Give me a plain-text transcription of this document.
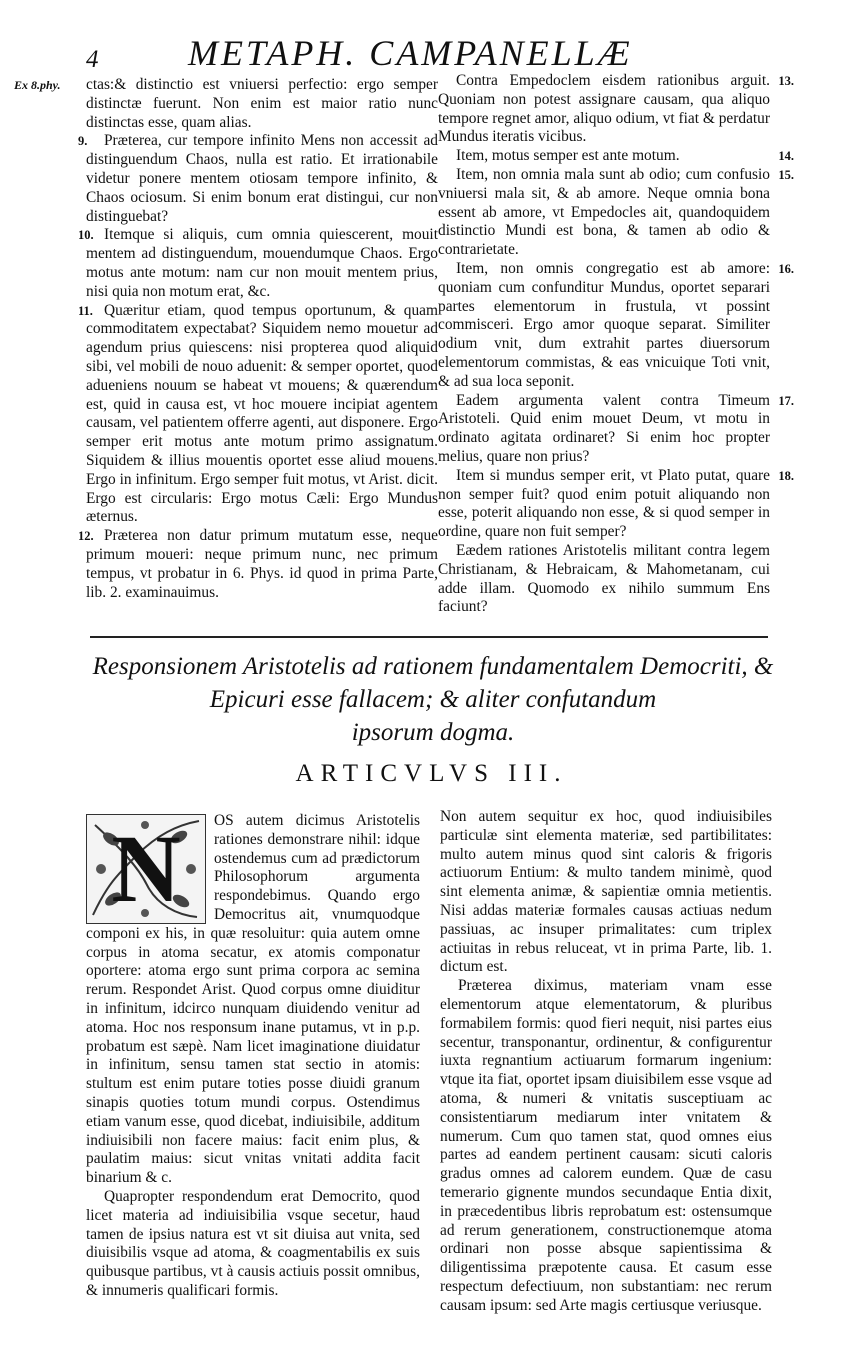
4 METAPH. CAMPANELLÆ

Ex 8.phy. ctas:& distinctio est vniuersi perfectio: ergo semper distinctæ fuerunt. Non enim est maior ratio nunc distinctas esse, quam alias.

9. Præterea, cur tempore infinito Mens non accessit ad distinguendum Chaos, nulla est ratio. Et irrationabile videtur ponere mentem otiosam tempore infinito, & Chaos ociosum. Si enim bonum erat distingui, cur non distinguebat?

10. Itemque si aliquis, cum omnia quiescerent, mouit mentem ad distinguendum, mouendumque Chaos. Ergo motus ante motum: nam cur non mouit mentem prius, nisi quia non motum erat, &c.

11. Quæritur etiam, quod tempus oportunum, & quam commoditatem expectabat? Siquidem nemo mouetur ad agendum prius quiescens: nisi propterea quod aliquid sibi, vel mobili de nouo aduenit: & semper oportet, quod adueniens nouum se habeat vt mouens; & quærendum est, quid in causa est, vt hoc mouere incipiat agentem causam, vel patientem offerre agenti, aut disponere. Ergo semper erit motus ante motum primo assignatum. Siquidem & illius mouentis oportet esse aliud mouens. Ergo in infinitum. Ergo semper fuit motus, vt Arist. dicit. Ergo est circularis: Ergo motus Cæli: Ergo Mundus æternus.

12. Præterea non datur primum mutatum esse, neque primum moueri: neque primum nunc, nec primum tempus, vt probatur in 6. Phys. id quod in prima Parte, lib. 2. examinauimus.

13.
Contra Empedoclem eisdem rationibus arguit. Quoniam non potest assignare causam, qua aliquo tempore regnet amor, aliquo odium, vt fiat & perdatur Mundus iteratis vicibus.

14.
Item, motus semper est ante motum.

15.
Item, non omnia mala sunt ab odio; cum confusio vniuersi mala sit, & ab amore. Neque omnia bona essent ab amore, vt Empedocles ait, quandoquidem distinctio Mundi est bona, & tamen ab odio & contrarietate.

16.
Item, non omnis congregatio est ab amore: quoniam cum confunditur Mundus, oportet separari partes elementorum in frustula, vt possint commisceri. Ergo amor quoque separat. Similiter odium vnit, dum extrahit partes diuersorum elementorum commistas, & eas vnicuique Toti vnit, & ad sua loca seponit.

17.
Eadem argumenta valent contra Timeum Aristoteli. Quid enim mouet Deum, vt motu in ordinato agitata ordinaret? Si enim hoc propter melius, quare non prius?

18.
Item si mundus semper erit, vt Plato putat, quare non semper fuit? quod enim potuit aliquando non esse, poterit aliquando non esse, & si quod semper in ordine, quare non fuit semper?

Eædem rationes Aristotelis militant contra legem Christianam, & Hebraicam, & Mahometanam, cui adde illam. Quomodo ex nihilo summum Ens faciunt?

Responsionem Aristotelis ad rationem fundamentalem Democriti, &
Epicuri esse fallacem; & aliter confutandum
ipsorum dogma.
ARTICVLVS III.

N	OS autem dicimus Aristotelis rationes demonstrare nihil: idque ostendemus cum ad prædictorum Philosophorum argumenta respondebimus. Quando ergo Democritus ait, vnumquodque componi ex his, in quæ resoluitur: quia autem omne corpus in atoma secatur, ex atomis componatur oportere: atoma ergo sunt prima corpora ac semina rerum. Respondet Arist. Quod corpus omne diuiditur in infinitum, idcirco nunquam diuidendo venitur ad atoma. Hoc nos responsum inane putamus, vt in p.p. probatum est sæpè. Nam licet imaginatione diuidatur in infinitum, sensu tamen stat sectio in atomis: stultum est enim putare toties posse diuidi granum sinapis quoties totum mundi corpus. Ostendimus etiam vanum esse, quod dicebat, indiuisibile, additum indiuisibili non facere maius: facit enim plus, & paulatim maius: sicut vnitas vnitati addita facit binarium & c.

Quapropter respondendum erat Democrito, quod licet materia ad indiuisibilia vsque secetur, haud tamen de ipsius natura est vt sit diuisa aut vnita, sed diuisibilis vsque ad atoma, & coagmentabilis ex suis quibusque partibus, vt à causis actiuis possit omnibus, & innumeris qualificari formis.

Non autem sequitur ex hoc, quod indiuisibiles particulæ sint elementa materiæ, sed partibilitates: multo autem minus quod sint caloris & frigoris actiuorum Entium: & multo tandem minimè, quod sint elementa animæ, & sapientiæ omnia metientis. Nisi addas materiæ formales causas actiuas nedum passiuas, ac insuper primalitates: cum triplex actiuitas in rebus reluceat, vt in prima Parte, lib. 1. dictum est.

Præterea diximus, materiam vnam esse elementorum atque elementatorum, & pluribus formabilem formis: quod fieri nequit, nisi partes eius secentur, transponantur, ordinentur, & configurentur iuxta regnantium actiuarum formarum ingenium: vtque ita fiat, oportet ipsam diuisibilem esse vsque ad atoma, & numeri & vnitatis susceptiuam ac consistentiarum mediarum inter vnitatem & numerum. Cum quo tamen stat, quod omnes eius partes ad eandem pertinent causam: sicuti caloris gradus omnes ad calorem eundem. Quæ de casu temerario gignente mundos secundaque Entia dixit, in præcedentibus libris reprobatum est: ostensumque ad rerum generationem, constructionemque atoma ordinari non posse absque sapientissima & diligentissima præpotente causa. Et casum esse respectum defectiuum, non substantiam: nec rerum causam ipsum: sed Arte magis certiusque veriusque.
